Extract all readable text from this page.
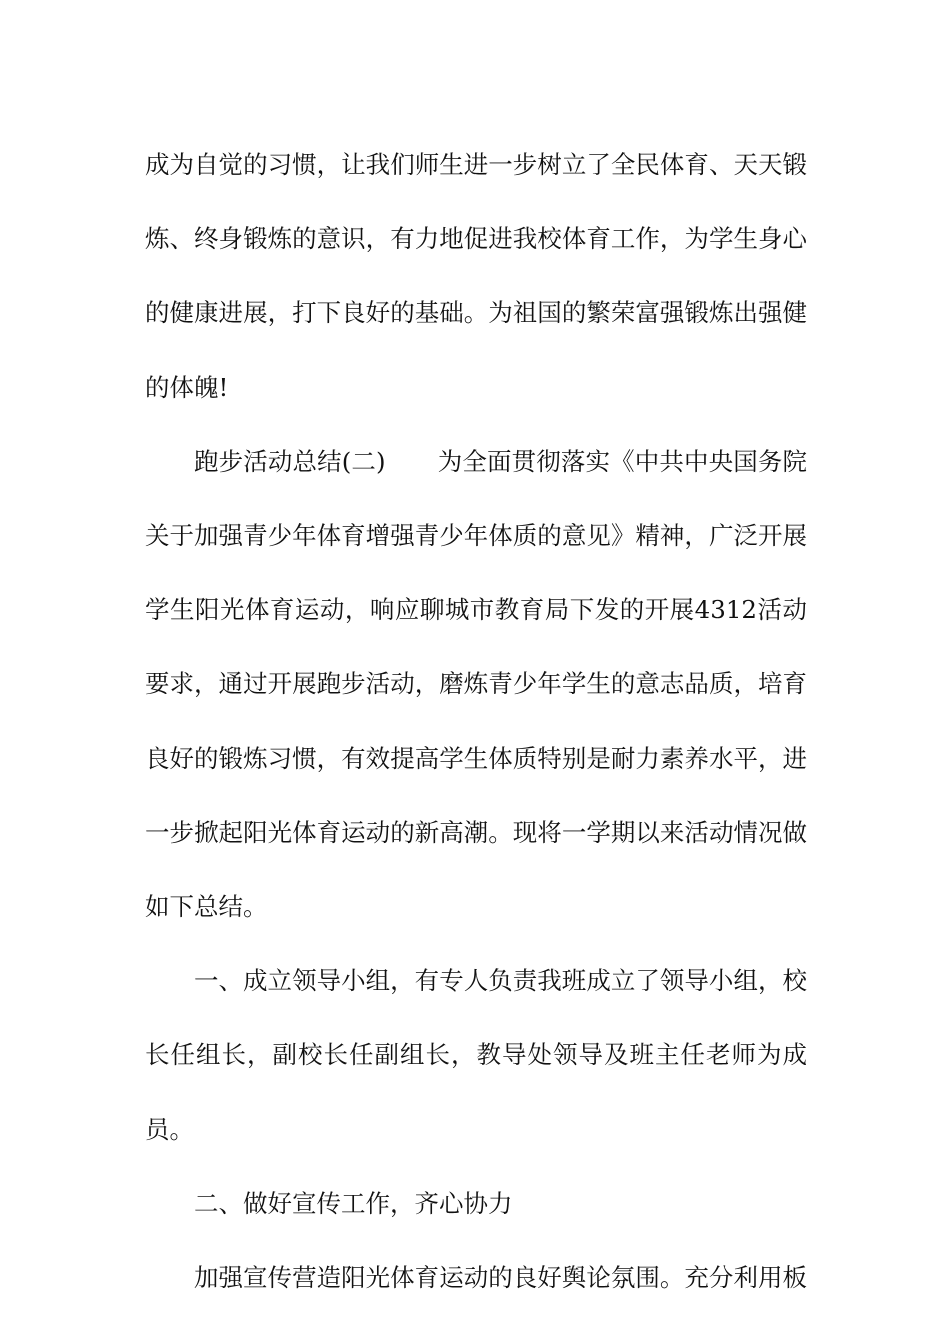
成为自觉的习惯，让我们师生进一步树立了全民体育、天天锻炼、终身锻炼的意识，有力地促进我校体育工作，为学生身心的健康进展，打下良好的基础。为祖国的繁荣富强锻炼出强健的体魄!

跑步活动总结(二) 为全面贯彻落实《中共中央国务院关于加强青少年体育增强青少年体质的意见》精神，广泛开展学生阳光体育运动，响应聊城市教育局下发的开展4312活动要求，通过开展跑步活动，磨炼青少年学生的意志品质，培育良好的锻炼习惯，有效提高学生体质特别是耐力素养水平，进一步掀起阳光体育运动的新高潮。现将一学期以来活动情况做如下总结。

一、成立领导小组，有专人负责我班成立了领导小组，校长任组长，副校长任副组长，教导处领导及班主任老师为成员。

二、做好宣传工作，齐心协力

加强宣传营造阳光体育运动的良好舆论氛围。充分利用板
